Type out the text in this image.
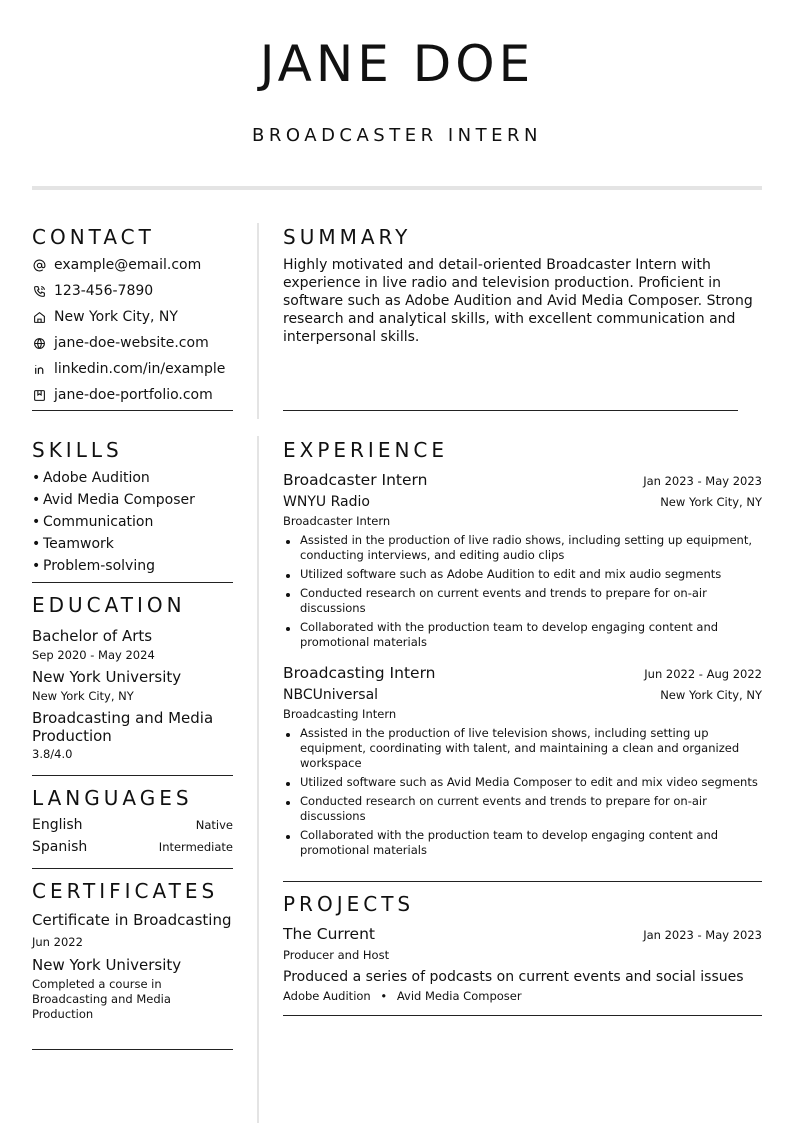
JANE DOE
BROADCASTER INTERN
CONTACT
example@email.com
123-456-7890
New York City, NY
jane-doe-website.com
linkedin.com/in/example
jane-doe-portfolio.com
SUMMARY
Highly motivated and detail-oriented Broadcaster Intern with experience in live radio and television production. Proficient in software such as Adobe Audition and Avid Media Composer. Strong research and analytical skills, with excellent communication and interpersonal skills.
SKILLS
• Adobe Audition
• Avid Media Composer
• Communication
• Teamwork
• Problem-solving
EDUCATION
Bachelor of Arts
Sep 2020 - May 2024
New York University
New York City, NY
Broadcasting and Media Production
3.8/4.0
LANGUAGES
English	Native
Spanish	Intermediate
CERTIFICATES
Certificate in Broadcasting
Jun 2022
New York University
Completed a course in Broadcasting and Media Production
EXPERIENCE
Broadcaster Intern	Jan 2023 - May 2023
WNYU Radio	New York City, NY
Broadcaster Intern
Assisted in the production of live radio shows, including setting up equipment, conducting interviews, and editing audio clips
Utilized software such as Adobe Audition to edit and mix audio segments
Conducted research on current events and trends to prepare for on-air discussions
Collaborated with the production team to develop engaging content and promotional materials
Broadcasting Intern	Jun 2022 - Aug 2022
NBCUniversal	New York City, NY
Broadcasting Intern
Assisted in the production of live television shows, including setting up equipment, coordinating with talent, and maintaining a clean and organized workspace
Utilized software such as Avid Media Composer to edit and mix video segments
Conducted research on current events and trends to prepare for on-air discussions
Collaborated with the production team to develop engaging content and promotional materials
PROJECTS
The Current	Jan 2023 - May 2023
Producer and Host
Produced a series of podcasts on current events and social issues
Adobe Audition • Avid Media Composer
